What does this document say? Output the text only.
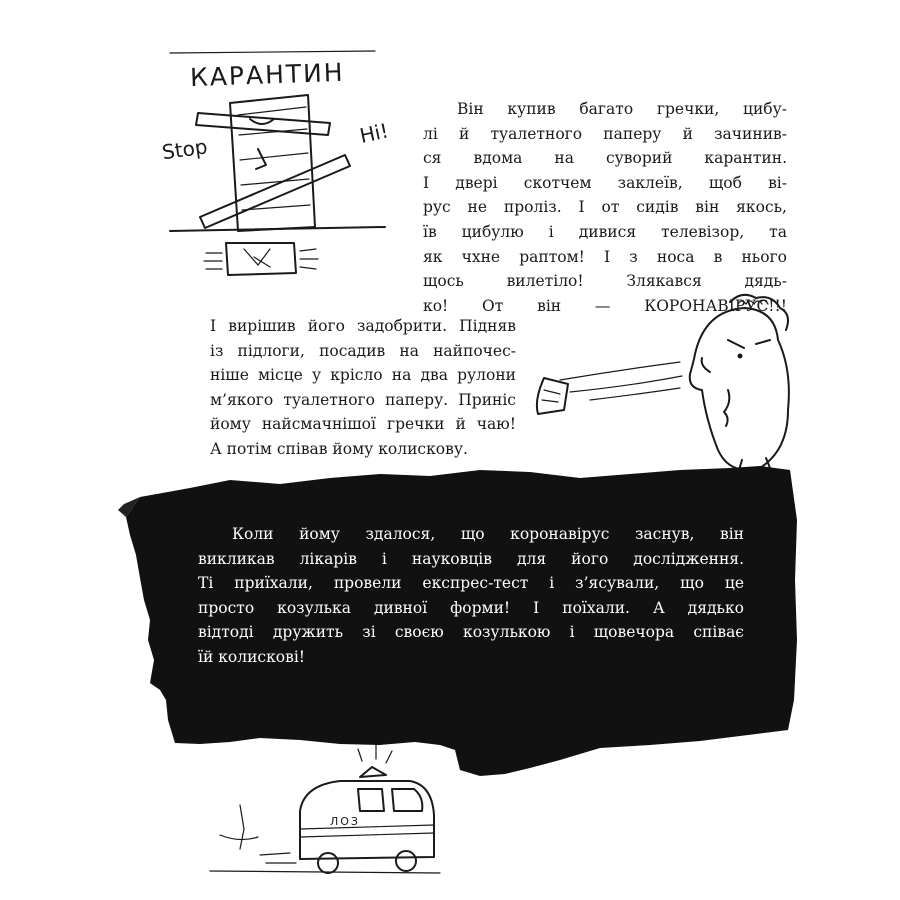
КАРАНТИН
Stop
Hi!
ЛОЗ
Він купив багато гречки, цибу-
лі й туалетного паперу й зачинив-
ся вдома на суворий карантин.
І двері скотчем заклеїв, щоб ві-
рус не проліз. І от сидів він якось,
їв цибулю і дивися телевізор, та
як чхне раптом! І з носа в нього
щось вилетіло! Злякався дядь-
ко! От він — КОРОНАВІРУС!!!
І вирішив його задобрити. Підняв
із підлоги, посадив на найпочес-
ніше місце у крісло на два рулони
м’якого туалетного паперу. Приніс
йому найсмачнішої гречки й чаю!
А потім співав йому колискову.
Коли йому здалося, що коронавірус заснув, він
викликав лікарів і науковців для його дослідження.
Ті приїхали, провели експрес-тест і з’ясували, що це
просто козулька дивної форми! І поїхали. А дядько
відтоді дружить зі своєю козулькою і щовечора співає
їй колискові!
